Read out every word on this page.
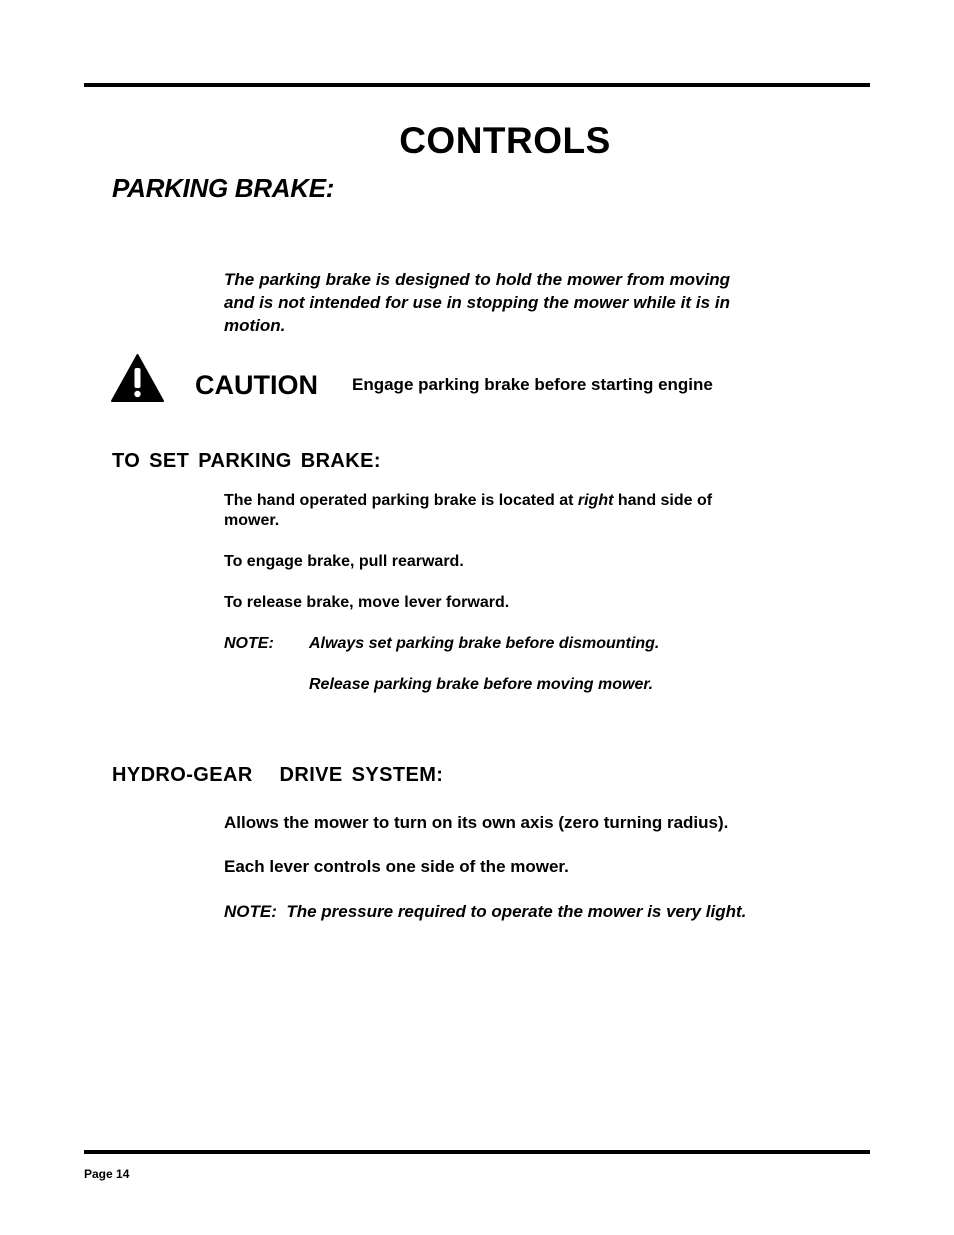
CONTROLS
PARKING BRAKE:

The parking brake is designed to hold the mower from moving and is not intended for use in stopping the mower while it is in motion.

CAUTION Engage parking brake before starting engine

TO SET PARKING BRAKE:

The hand operated parking brake is located at right hand side of mower.

To engage brake, pull rearward.

To release brake, move lever forward.

NOTE: Always set parking brake before dismounting.

Release parking brake before moving mower.

HYDRO-GEAR   DRIVE SYSTEM:

Allows the mower to turn on its own axis (zero turning radius).

Each lever controls one side of the mower.

NOTE:  The pressure required to operate the mower is very light.

Page 14
